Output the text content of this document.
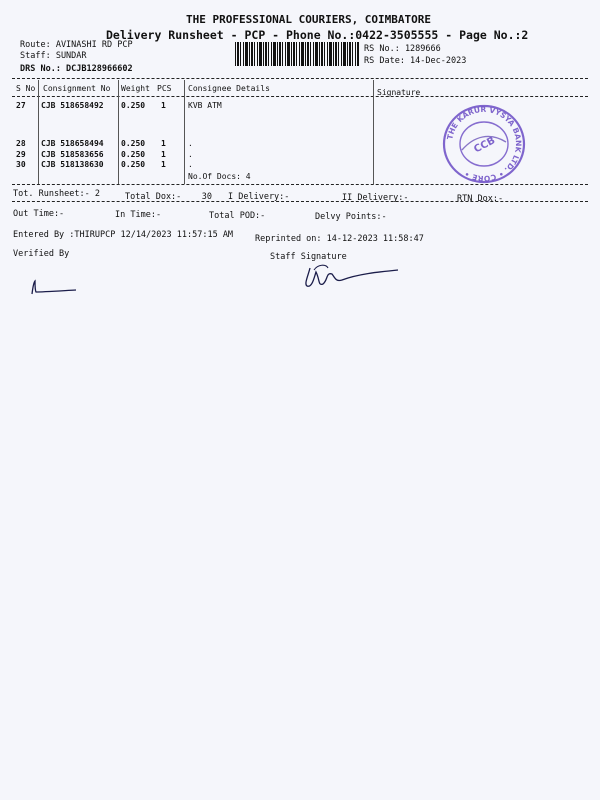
THE PROFESSIONAL COURIERS, COIMBATORE
Delivery Runsheet - PCP - Phone No.:0422-3505555 - Page No.:2
Route: AVINASHI RD PCP
Staff: SUNDAR
DRS No.: DCJB128966602
RS No.: 1289666
RS Date: 14-Dec-2023
S No Consignment No Weight PCS Consignee Details	Signature
27 CJB 518658492 0.250 1	KVB ATM
28 CJB 518658494 0.250 1	.
29 CJB 518583656 0.250 1	.
30 CJB 518138630 0.250 1	.
No.Of Docs: 4
THE KARUR VYSYA BANK LTD. • CORE •
CCB
Tot. Runsheet:- 2	Total Dox:-    30 I Delivery:-	II Delivery:-	RTN Dox:-
Out Time:-	In Time:-	Total POD:-	Delvy Points:-
Entered By :THIRUPCP 12/14/2023 11:57:15 AM	Reprinted on: 14-12-2023 11:58:47
Verified By	Staff Signature
